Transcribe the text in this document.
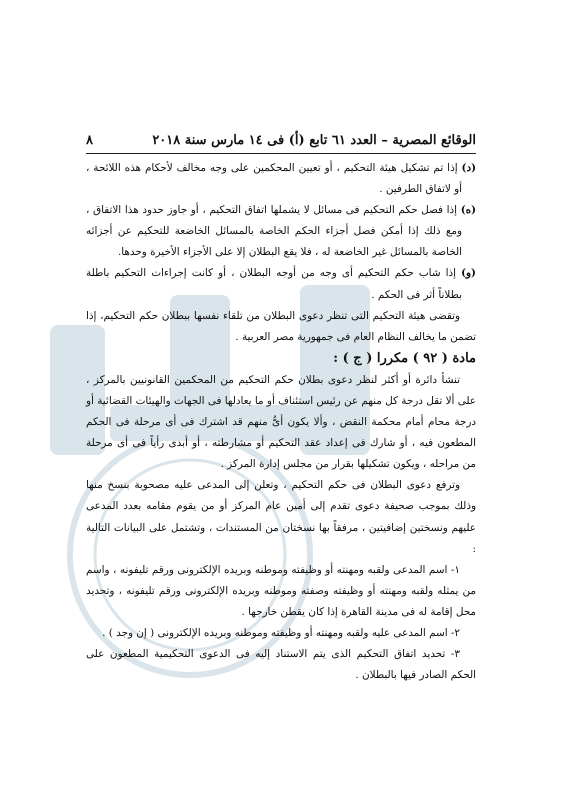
الوقائع المصرية – العدد ٦١ تابع (أ) فى ١٤ مارس سنة ٢٠١٨
٨

(د) إذا تم تشكيل هيئة التحكيم ، أو تعيين المحكمين على وجه مخالف لأحكام هذه اللائحة ، أو لاتفاق الطرفين .

(ه) إذا فصل حكم التحكيم فى مسائل لا يشملها اتفاق التحكيم ، أو جاوز حدود هذا الاتفاق ، ومع ذلك إذا أمكن فصل أجزاء الحكم الخاصة بالمسائل الخاضعة للتحكيم عن أجزائه الخاصة بالمسائل غير الخاضعة له ، فلا يقع البطلان إلا على الأجزاء الأخيرة وحدها.

(و) إذا شاب حكم التحكيم أى وجه من أوجه البطلان ، أو كانت إجراءات التحكيم باطلة بطلاناً أثر فى الحكم .

وتقضى هيئة التحكيم التى تنظر دعوى البطلان من تلقاء نفسها ببطلان حكم التحكيم، إذا تضمن ما يخالف النظام العام فى جمهورية مصر العربية .

مادة ( ٩٢ ) مكررا ( ج ) :

تنشأ دائرة أو أكثر لنظر دعوى بطلان حكم التحكيم من المحكمين القانونيين بالمركز ، على ألا تقل درجة كل منهم عن رئيس استئناف أو ما يعادلها فى الجهات والهيئات القضائية أو درجة محام أمام محكمة النقض ، وألا يكون أىُّ منهم قد اشترك فى أى مرحلة فى الحكم المطعون فيه ، أو شارك فى إعداد عقد التحكيم أو مشارطته ، أو أبدى رأياً فى أى مرحلة من مراحله ، ويكون تشكيلها بقرار من مجلس إدارة المركز .

وترفع دعوى البطلان فى حكم التحكيم ، وتعلن إلى المدعى عليه مصحوبة بنسخ منها وذلك بموجب صحيفة دعوى تقدم إلى أمين عام المركز أو من يقوم مقامه بعدد المدعى عليهم ونسختين إضافيتين ، مرفقاً بها نسختان من المستندات ، وتشتمل على البيانات التالية :

١- اسم المدعى ولقبه ومهنته أو وظيفته وموطنه وبريده الإلكترونى ورقم تليفونه ، واسم من يمثله ولقبه ومهنته أو وظيفته وصفته وموطنه وبريده الإلكترونى ورقم تليفونه ، وتحديد محل إقامة له فى مدينة القاهرة إذا كان يقطن خارجها .

٢- اسم المدعى عليه ولقبه ومهنته أو وظيفته وموطنه وبريده الإلكترونى ( إن وجد ) .

٣- تحديد اتفاق التحكيم الذى يتم الاستناد إليه فى الدعوى التحكيمية المطعون على الحكم الصادر فيها بالبطلان .
